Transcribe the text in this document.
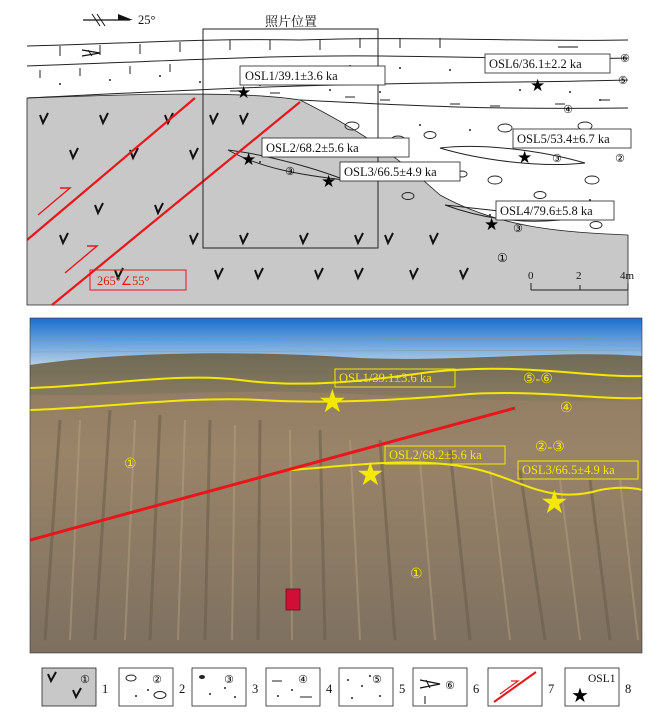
25°	照片位置
265°∠55°
OSL1/39.1±3.6 ka
★
OSL2/68.2±5.6 ka
★
OSL3/66.5±4.9 ka
★
OSL4/79.6±5.8 ka
★
OSL5/53.4±6.7 ka
★
OSL6/36.1±2.2 ka
★
⑥
⑤
④
②
③
③
③
①
0	2	4m
OSL1/39.1±3.6 ka
★
OSL2/68.2±5.6 ka
★	OSL3/66.5±4.9 ka
★
⑤-⑥
④
②-③
①
①
①
1
②
2
③
3
④
4
⑤
5	⑥ 6	7 ★
OSL1
8
